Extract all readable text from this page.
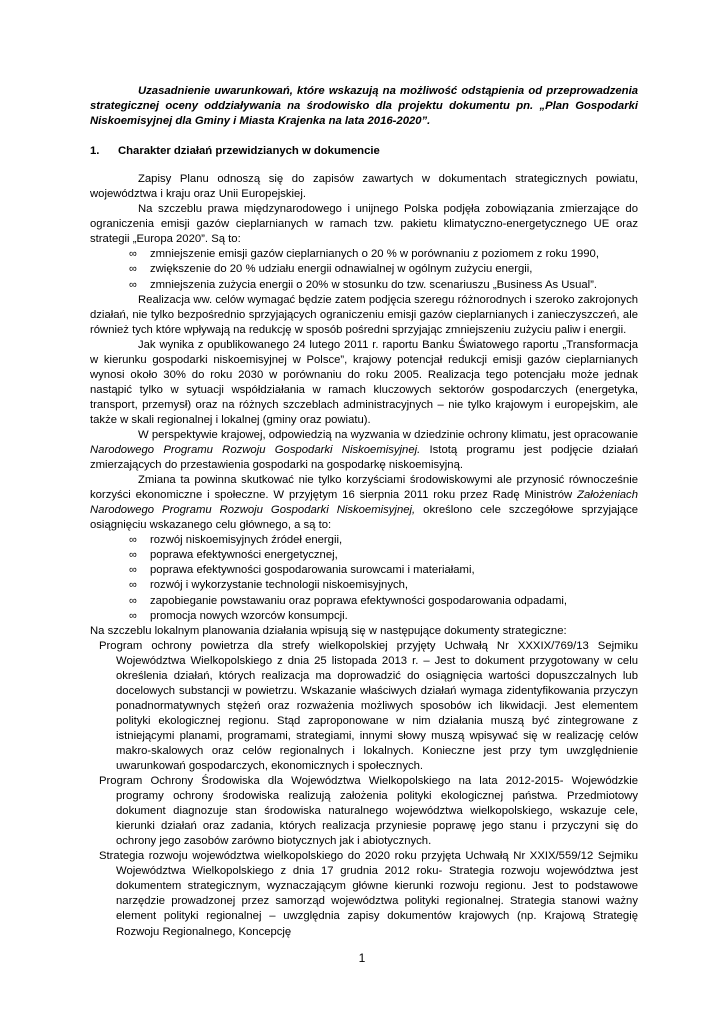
Uzasadnienie uwarunkowań, które wskazują na możliwość odstąpienia od przeprowadzenia strategicznej oceny oddziaływania na środowisko dla projektu dokumentu pn. „Plan Gospodarki Niskoemisyjnej dla Gminy i Miasta Krajenka na lata 2016-2020”.

1.	Charakter działań przewidzianych w dokumencie

Zapisy Planu odnoszą się do zapisów zawartych w dokumentach strategicznych powiatu, województwa i kraju oraz Unii Europejskiej.

Na szczeblu prawa międzynarodowego i unijnego Polska podjęła zobowiązania zmierzające do ograniczenia emisji gazów cieplarnianych w ramach tzw. pakietu klimatyczno-energetycznego UE oraz strategii „Europa 2020”. Są to:

∞	zmniejszenie emisji gazów cieplarnianych o 20 % w porównaniu z poziomem z roku 1990,
∞	zwiększenie do 20 % udziału energii odnawialnej w ogólnym zużyciu energii,
∞	zmniejszenia zużycia energii o 20% w stosunku do tzw. scenariuszu „Business As Usual”.

Realizacja ww. celów wymagać będzie zatem podjęcia szeregu różnorodnych i szeroko zakrojonych działań, nie tylko bezpośrednio sprzyjających ograniczeniu emisji gazów cieplarnianych i zanieczyszczeń, ale również tych które wpływają na redukcję w sposób pośredni sprzyjając zmniejszeniu zużyciu paliw i energii.

Jak wynika z opublikowanego 24 lutego 2011 r. raportu Banku Światowego raportu „Transformacja w kierunku gospodarki niskoemisyjnej w Polsce”, krajowy potencjał redukcji emisji gazów cieplarnianych wynosi około 30% do roku 2030 w porównaniu do roku 2005. Realizacja tego potencjału może jednak nastąpić tylko w sytuacji współdziałania w ramach kluczowych sektorów gospodarczych (energetyka, transport, przemysł) oraz na różnych szczeblach administracyjnych – nie tylko krajowym i europejskim, ale także w skali regionalnej i lokalnej (gminy oraz powiatu).

W perspektywie krajowej, odpowiedzią na wyzwania w dziedzinie ochrony klimatu, jest opracowanie Narodowego Programu Rozwoju Gospodarki Niskoemisyjnej. Istotą programu jest podjęcie działań zmierzających do przestawienia gospodarki na gospodarkę niskoemisyjną.

Zmiana ta powinna skutkować nie tylko korzyściami środowiskowymi ale przynosić równocześnie korzyści ekonomiczne i społeczne. W przyjętym 16 sierpnia 2011 roku przez Radę Ministrów Założeniach Narodowego Programu Rozwoju Gospodarki Niskoemisyjnej, określono cele szczegółowe sprzyjające osiągnięciu wskazanego celu głównego, a są to:

∞	rozwój niskoemisyjnych źródeł energii,
∞	poprawa efektywności energetycznej,
∞	poprawa efektywności gospodarowania surowcami i materiałami,
∞	rozwój i wykorzystanie technologii niskoemisyjnych,
∞	zapobieganie powstawaniu oraz poprawa efektywności gospodarowania odpadami,
∞	promocja nowych wzorców konsumpcji.

Na szczeblu lokalnym planowania działania wpisują się w następujące dokumenty strategiczne:

Program ochrony powietrza dla strefy wielkopolskiej przyjęty Uchwałą Nr XXXIX/769/13 Sejmiku Województwa Wielkopolskiego z dnia 25 listopada 2013 r. – Jest to dokument przygotowany w celu określenia działań, których realizacja ma doprowadzić do osiągnięcia wartości dopuszczalnych lub docelowych substancji w powietrzu. Wskazanie właściwych działań wymaga zidentyfikowania przyczyn ponadnormatywnych stężeń oraz rozważenia możliwych sposobów ich likwidacji. Jest elementem polityki ekologicznej regionu. Stąd zaproponowane w nim działania muszą być zintegrowane z istniejącymi planami, programami, strategiami, innymi słowy muszą wpisywać się w realizację celów makro-skalowych oraz celów regionalnych i lokalnych. Konieczne jest przy tym uwzględnienie uwarunkowań gospodarczych, ekonomicznych i społecznych.

Program Ochrony Środowiska dla Województwa Wielkopolskiego na lata 2012-2015- Wojewódzkie programy ochrony środowiska realizują założenia polityki ekologicznej państwa. Przedmiotowy dokument diagnozuje stan środowiska naturalnego województwa wielkopolskiego, wskazuje cele, kierunki działań oraz zadania, których realizacja przyniesie poprawę jego stanu i przyczyni się do ochrony jego zasobów zarówno biotycznych jak i abiotycznych.

Strategia rozwoju województwa wielkopolskiego do 2020 roku przyjęta Uchwałą Nr XXIX/559/12 Sejmiku Województwa Wielkopolskiego z dnia 17 grudnia 2012 roku- Strategia rozwoju województwa jest dokumentem strategicznym, wyznaczającym główne kierunki rozwoju regionu. Jest to podstawowe narzędzie prowadzonej przez samorząd województwa polityki regionalnej. Strategia stanowi ważny element polityki regionalnej – uwzględnia zapisy dokumentów krajowych (np. Krajową Strategię Rozwoju Regionalnego, Koncepcję

1
